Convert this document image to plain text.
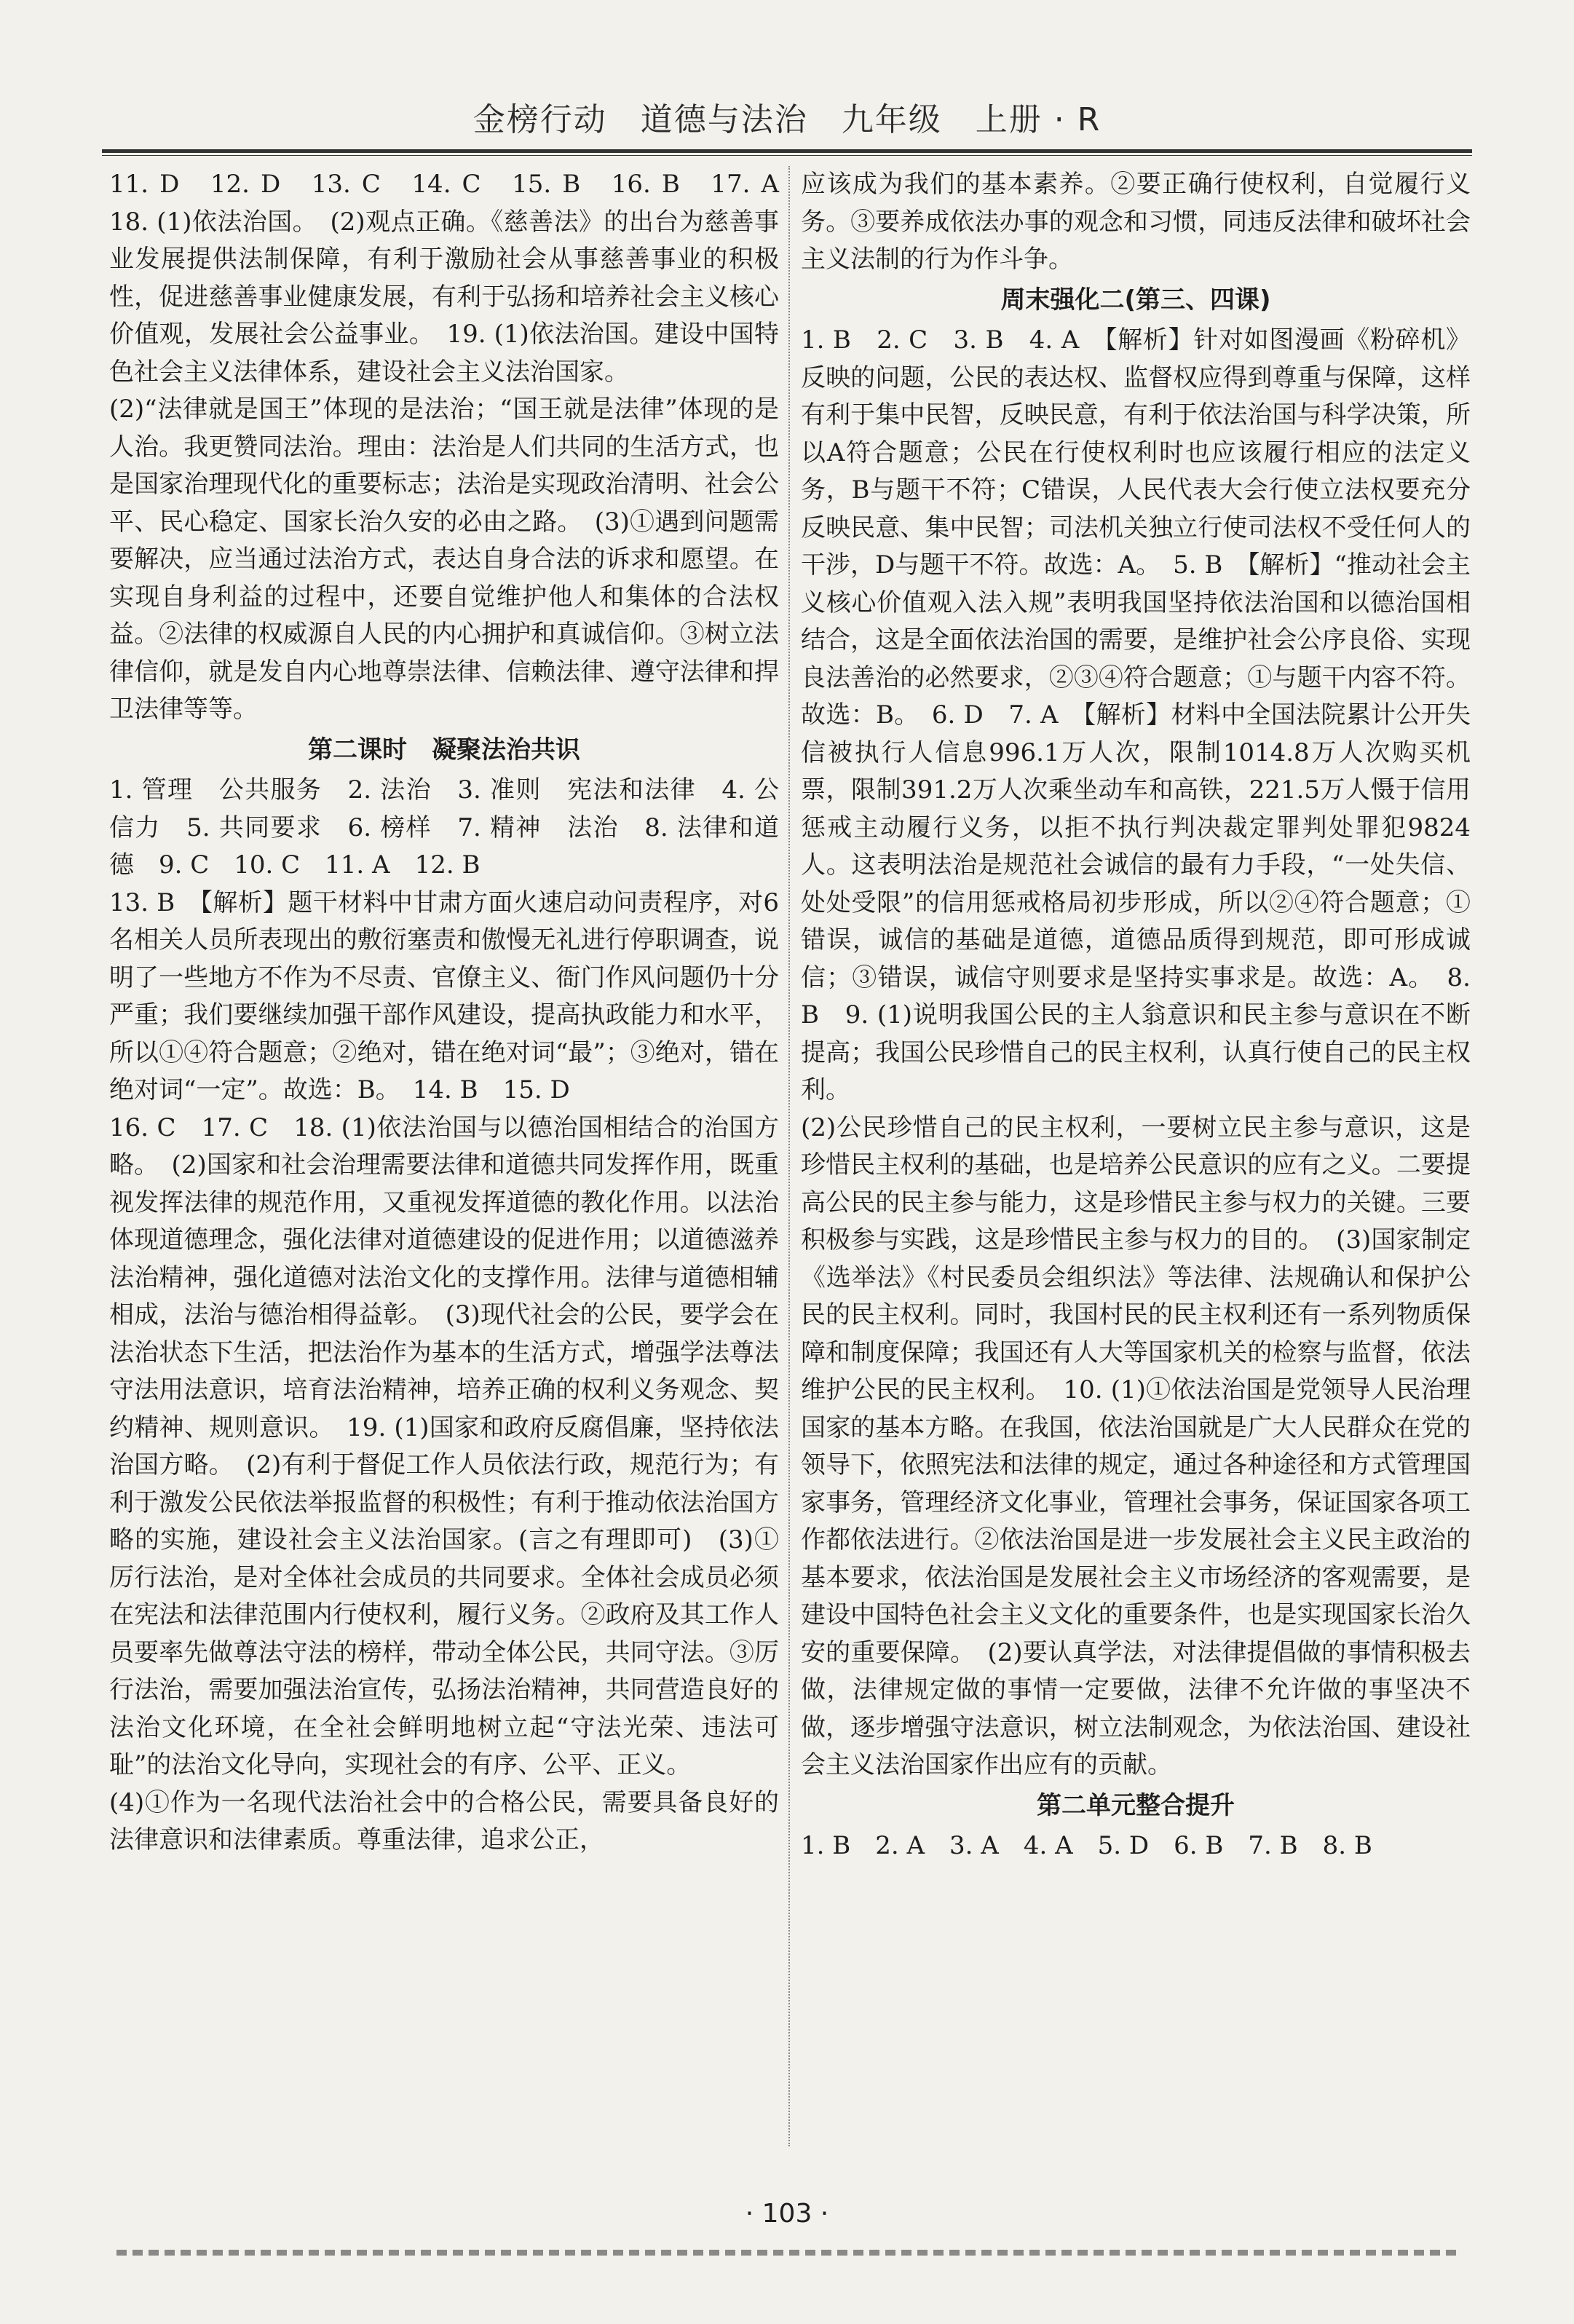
金榜行动　道德与法治　九年级　上册 · R

11. D　12. D　13. C　14. C　15. B　16. B　17. A　18. (1)依法治国。　(2)观点正确。《慈善法》的出台为慈善事业发展提供法制保障，有利于激励社会从事慈善事业的积极性，促进慈善事业健康发展，有利于弘扬和培养社会主义核心价值观，发展社会公益事业。　19. (1)依法治国。建设中国特色社会主义法律体系，建设社会主义法治国家。

(2)“法律就是国王”体现的是法治；“国王就是法律”体现的是人治。我更赞同法治。理由：法治是人们共同的生活方式，也是国家治理现代化的重要标志；法治是实现政治清明、社会公平、民心稳定、国家长治久安的必由之路。　(3)①遇到问题需要解决，应当通过法治方式，表达自身合法的诉求和愿望。在实现自身利益的过程中，还要自觉维护他人和集体的合法权益。②法律的权威源自人民的内心拥护和真诚信仰。③树立法律信仰，就是发自内心地尊崇法律、信赖法律、遵守法律和捍卫法律等等。

第二课时　凝聚法治共识

1. 管理　公共服务　2. 法治　3. 准则　宪法和法律　4. 公信力　5. 共同要求　6. 榜样　7. 精神　法治　8. 法律和道德　9. C　10. C　11. A　12. B

13. B　【解析】题干材料中甘肃方面火速启动问责程序，对6名相关人员所表现出的敷衍塞责和傲慢无礼进行停职调查，说明了一些地方不作为不尽责、官僚主义、衙门作风问题仍十分严重；我们要继续加强干部作风建设，提高执政能力和水平，所以①④符合题意；②绝对，错在绝对词“最”；③绝对，错在绝对词“一定”。故选：B。　14. B　15. D

16. C　17. C　18. (1)依法治国与以德治国相结合的治国方略。　(2)国家和社会治理需要法律和道德共同发挥作用，既重视发挥法律的规范作用，又重视发挥道德的教化作用。以法治体现道德理念，强化法律对道德建设的促进作用；以道德滋养法治精神，强化道德对法治文化的支撑作用。法律与道德相辅相成，法治与德治相得益彰。　(3)现代社会的公民，要学会在法治状态下生活，把法治作为基本的生活方式，增强学法尊法守法用法意识，培育法治精神，培养正确的权利义务观念、契约精神、规则意识。　19. (1)国家和政府反腐倡廉，坚持依法治国方略。　(2)有利于督促工作人员依法行政，规范行为；有利于激发公民依法举报监督的积极性；有利于推动依法治国方略的实施，建设社会主义法治国家。(言之有理即可)　(3)①厉行法治，是对全体社会成员的共同要求。全体社会成员必须在宪法和法律范围内行使权利，履行义务。②政府及其工作人员要率先做尊法守法的榜样，带动全体公民，共同守法。③厉行法治，需要加强法治宣传，弘扬法治精神，共同营造良好的法治文化环境，在全社会鲜明地树立起“守法光荣、违法可耻”的法治文化导向，实现社会的有序、公平、正义。

(4)①作为一名现代法治社会中的合格公民，需要具备良好的法律意识和法律素质。尊重法律，追求公正，

应该成为我们的基本素养。②要正确行使权利，自觉履行义务。③要养成依法办事的观念和习惯，同违反法律和破坏社会主义法制的行为作斗争。

周末强化二(第三、四课)

1. B　2. C　3. B　4. A　【解析】针对如图漫画《粉碎机》反映的问题，公民的表达权、监督权应得到尊重与保障，这样有利于集中民智，反映民意，有利于依法治国与科学决策，所以A符合题意；公民在行使权利时也应该履行相应的法定义务，B与题干不符；C错误，人民代表大会行使立法权要充分反映民意、集中民智；司法机关独立行使司法权不受任何人的干涉，D与题干不符。故选：A。　5. B　【解析】“推动社会主义核心价值观入法入规”表明我国坚持依法治国和以德治国相结合，这是全面依法治国的需要，是维护社会公序良俗、实现良法善治的必然要求，②③④符合题意；①与题干内容不符。故选：B。　6. D　7. A　【解析】材料中全国法院累计公开失信被执行人信息996.1万人次，限制1014.8万人次购买机票，限制391.2万人次乘坐动车和高铁，221.5万人慑于信用惩戒主动履行义务，以拒不执行判决裁定罪判处罪犯9824人。这表明法治是规范社会诚信的最有力手段，“一处失信、处处受限”的信用惩戒格局初步形成，所以②④符合题意；①错误，诚信的基础是道德，道德品质得到规范，即可形成诚信；③错误，诚信守则要求是坚持实事求是。故选：A。　8. B　9. (1)说明我国公民的主人翁意识和民主参与意识在不断提高；我国公民珍惜自己的民主权利，认真行使自己的民主权利。

(2)公民珍惜自己的民主权利，一要树立民主参与意识，这是珍惜民主权利的基础，也是培养公民意识的应有之义。二要提高公民的民主参与能力，这是珍惜民主参与权力的关键。三要积极参与实践，这是珍惜民主参与权力的目的。　(3)国家制定《选举法》《村民委员会组织法》等法律、法规确认和保护公民的民主权利。同时，我国村民的民主权利还有一系列物质保障和制度保障；我国还有人大等国家机关的检察与监督，依法维护公民的民主权利。　10. (1)①依法治国是党领导人民治理国家的基本方略。在我国，依法治国就是广大人民群众在党的领导下，依照宪法和法律的规定，通过各种途径和方式管理国家事务，管理经济文化事业，管理社会事务，保证国家各项工作都依法进行。②依法治国是进一步发展社会主义民主政治的基本要求，依法治国是发展社会主义市场经济的客观需要，是建设中国特色社会主义文化的重要条件，也是实现国家长治久安的重要保障。　(2)要认真学法，对法律提倡做的事情积极去做，法律规定做的事情一定要做，法律不允许做的事坚决不做，逐步增强守法意识，树立法制观念，为依法治国、建设社会主义法治国家作出应有的贡献。

第二单元整合提升

1. B　2. A　3. A　4. A　5. D　6. B　7. B　8. B

· 103 ·
